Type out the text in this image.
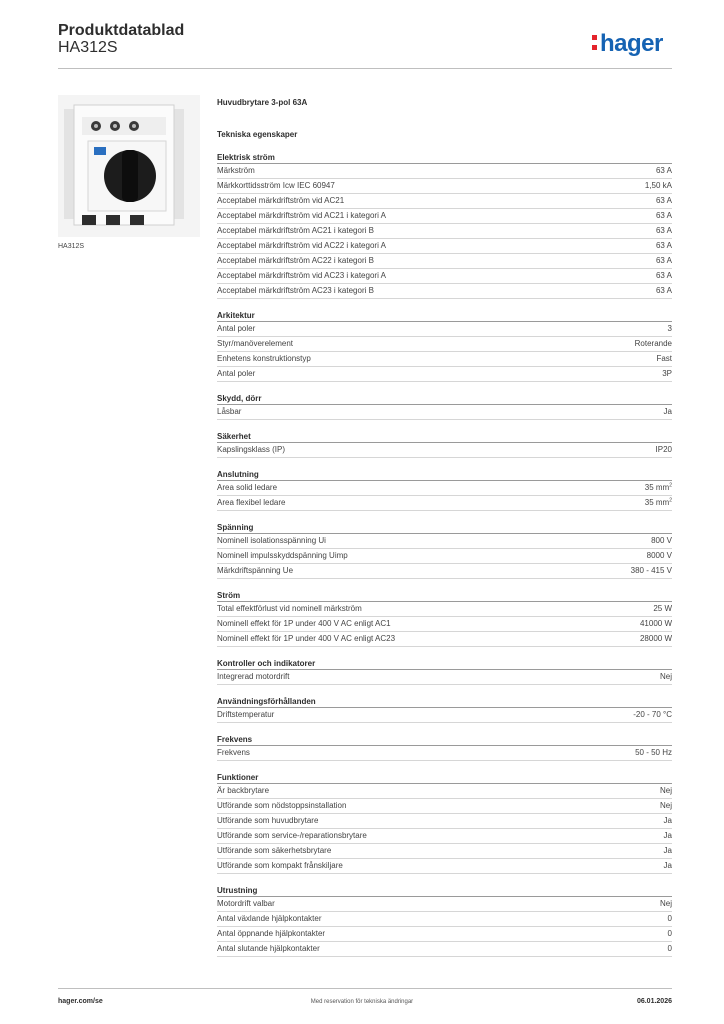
Produktdatablad
HA312S	hager
HA312S
Huvudbrytare 3-pol 63A
Tekniska egenskaper
Elektrisk ström
Märkström	63 A
Märkkorttidsström Icw IEC 60947	1,50 kA
Acceptabel märkdriftström vid AC21	63 A
Acceptabel märkdriftström vid AC21 i kategori A	63 A
Acceptabel märkdriftström AC21 i kategori B	63 A
Acceptabel märkdriftström vid AC22 i kategori A	63 A
Acceptabel märkdriftström AC22 i kategori B	63 A
Acceptabel märkdriftström vid AC23 i kategori A	63 A
Acceptabel märkdriftström AC23 i kategori B	63 A
Arkitektur
Antal poler	3
Styr/manöverelement	Roterande
Enhetens konstruktionstyp	Fast
Antal poler	3P
Skydd, dörr
Låsbar	Ja
Säkerhet
Kapslingsklass (IP)	IP20
Anslutning
Area solid ledare	35 $mm^2$
Area flexibel ledare	35 $mm^2$
Spänning
Nominell isolationsspänning Ui	800 V
Nominell impulsskyddspänning Uimp	8000 V
Märkdriftspänning Ue	380 - 415 V
Ström
Total effektförlust vid nominell märkström	25 W
Nominell effekt för 1P under 400 V AC enligt AC1	41000 W
Nominell effekt för 1P under 400 V AC enligt AC23	28000 W
Kontroller och indikatorer
Integrerad motordrift	Nej
Användningsförhållanden
Driftstemperatur	-20 - 70 °C
Frekvens
Frekvens	50 - 50 Hz
Funktioner
Är backbrytare	Nej
Utförande som nödstoppsinstallation	Nej
Utförande som huvudbrytare	Ja
Utförande som service-/reparationsbrytare	Ja
Utförande som säkerhetsbrytare	Ja
Utförande som kompakt frånskiljare	Ja
Utrustning
Motordrift valbar	Nej
Antal växlande hjälpkontakter	0
Antal öppnande hjälpkontakter	0
Antal slutande hjälpkontakter	0
hager.com/se	Med reservation för tekniska ändringar	06.01.2026
